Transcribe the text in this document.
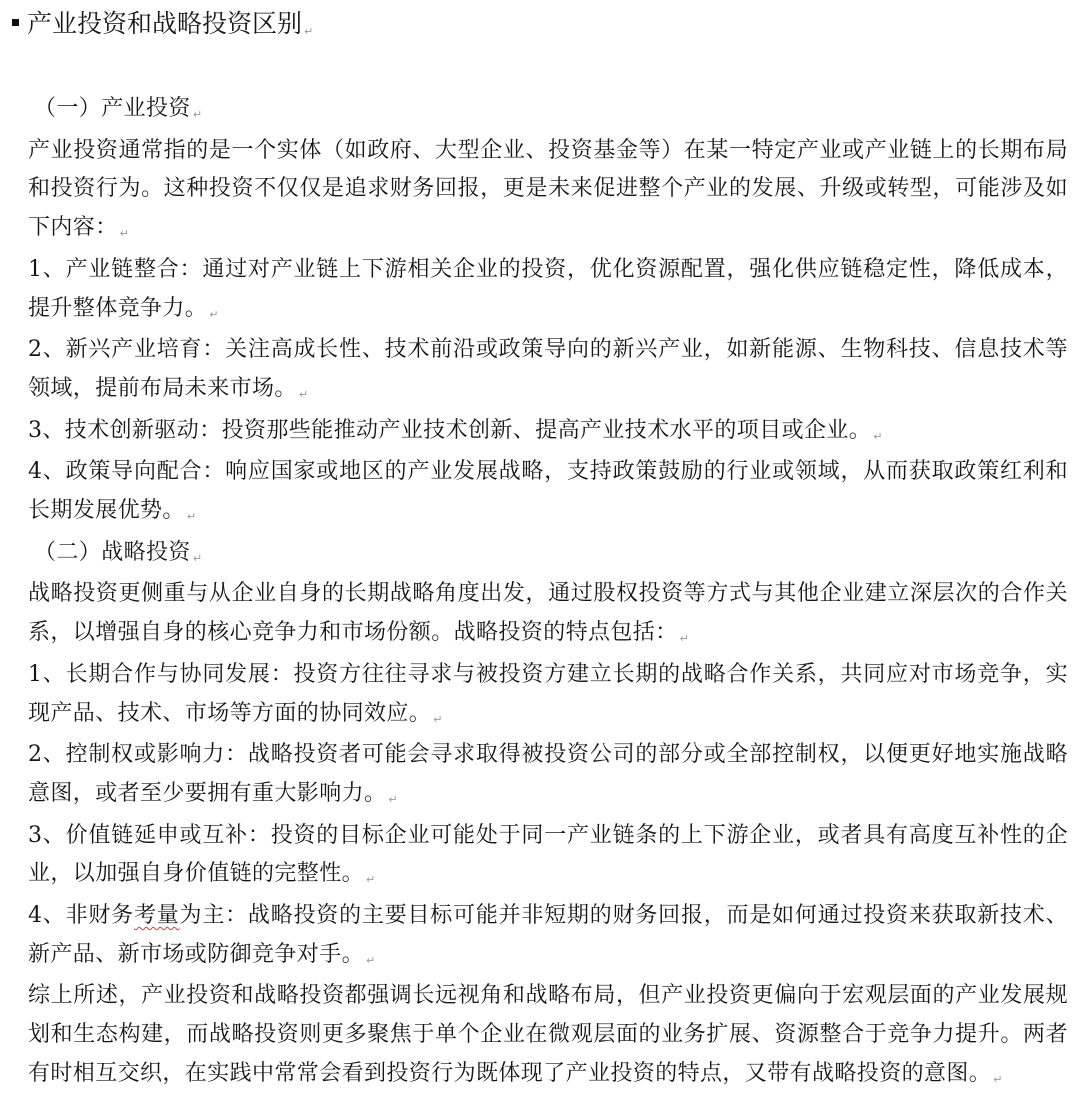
产业投资和战略投资区别 ↵

（一）产业投资 ↵

产业投资通常指的是一个实体（如政府、大型企业、投资基金等）在某一特定产业或产业链上的长期布局和投资行为。这种投资不仅仅是追求财务回报，更是未来促进整个产业的发展、升级或转型，可能涉及如下内容： ↵

1、产业链整合：通过对产业链上下游相关企业的投资，优化资源配置，强化供应链稳定性，降低成本，提升整体竞争力。 ↵

2、新兴产业培育：关注高成长性、技术前沿或政策导向的新兴产业，如新能源、生物科技、信息技术等领域，提前布局未来市场。 ↵

3、技术创新驱动：投资那些能推动产业技术创新、提高产业技术水平的项目或企业。 ↵

4、政策导向配合：响应国家或地区的产业发展战略，支持政策鼓励的行业或领域，从而获取政策红利和长期发展优势。 ↵

（二）战略投资 ↵

战略投资更侧重与从企业自身的长期战略角度出发，通过股权投资等方式与其他企业建立深层次的合作关系，以增强自身的核心竞争力和市场份额。战略投资的特点包括： ↵

1、长期合作与协同发展：投资方往往寻求与被投资方建立长期的战略合作关系，共同应对市场竞争，实现产品、技术、市场等方面的协同效应。 ↵

2、控制权或影响力：战略投资者可能会寻求取得被投资公司的部分或全部控制权，以便更好地实施战略意图，或者至少要拥有重大影响力。 ↵

3、价值链延申或互补：投资的目标企业可能处于同一产业链条的上下游企业，或者具有高度互补性的企业，以加强自身价值链的完整性。 ↵

4、非财务考量为主：战略投资的主要目标可能并非短期的财务回报，而是如何通过投资来获取新技术、新产品、新市场或防御竞争对手。 ↵

综上所述，产业投资和战略投资都强调长远视角和战略布局，但产业投资更偏向于宏观层面的产业发展规划和生态构建，而战略投资则更多聚焦于单个企业在微观层面的业务扩展、资源整合于竞争力提升。两者有时相互交织，在实践中常常会看到投资行为既体现了产业投资的特点，又带有战略投资的意图。 ↵
